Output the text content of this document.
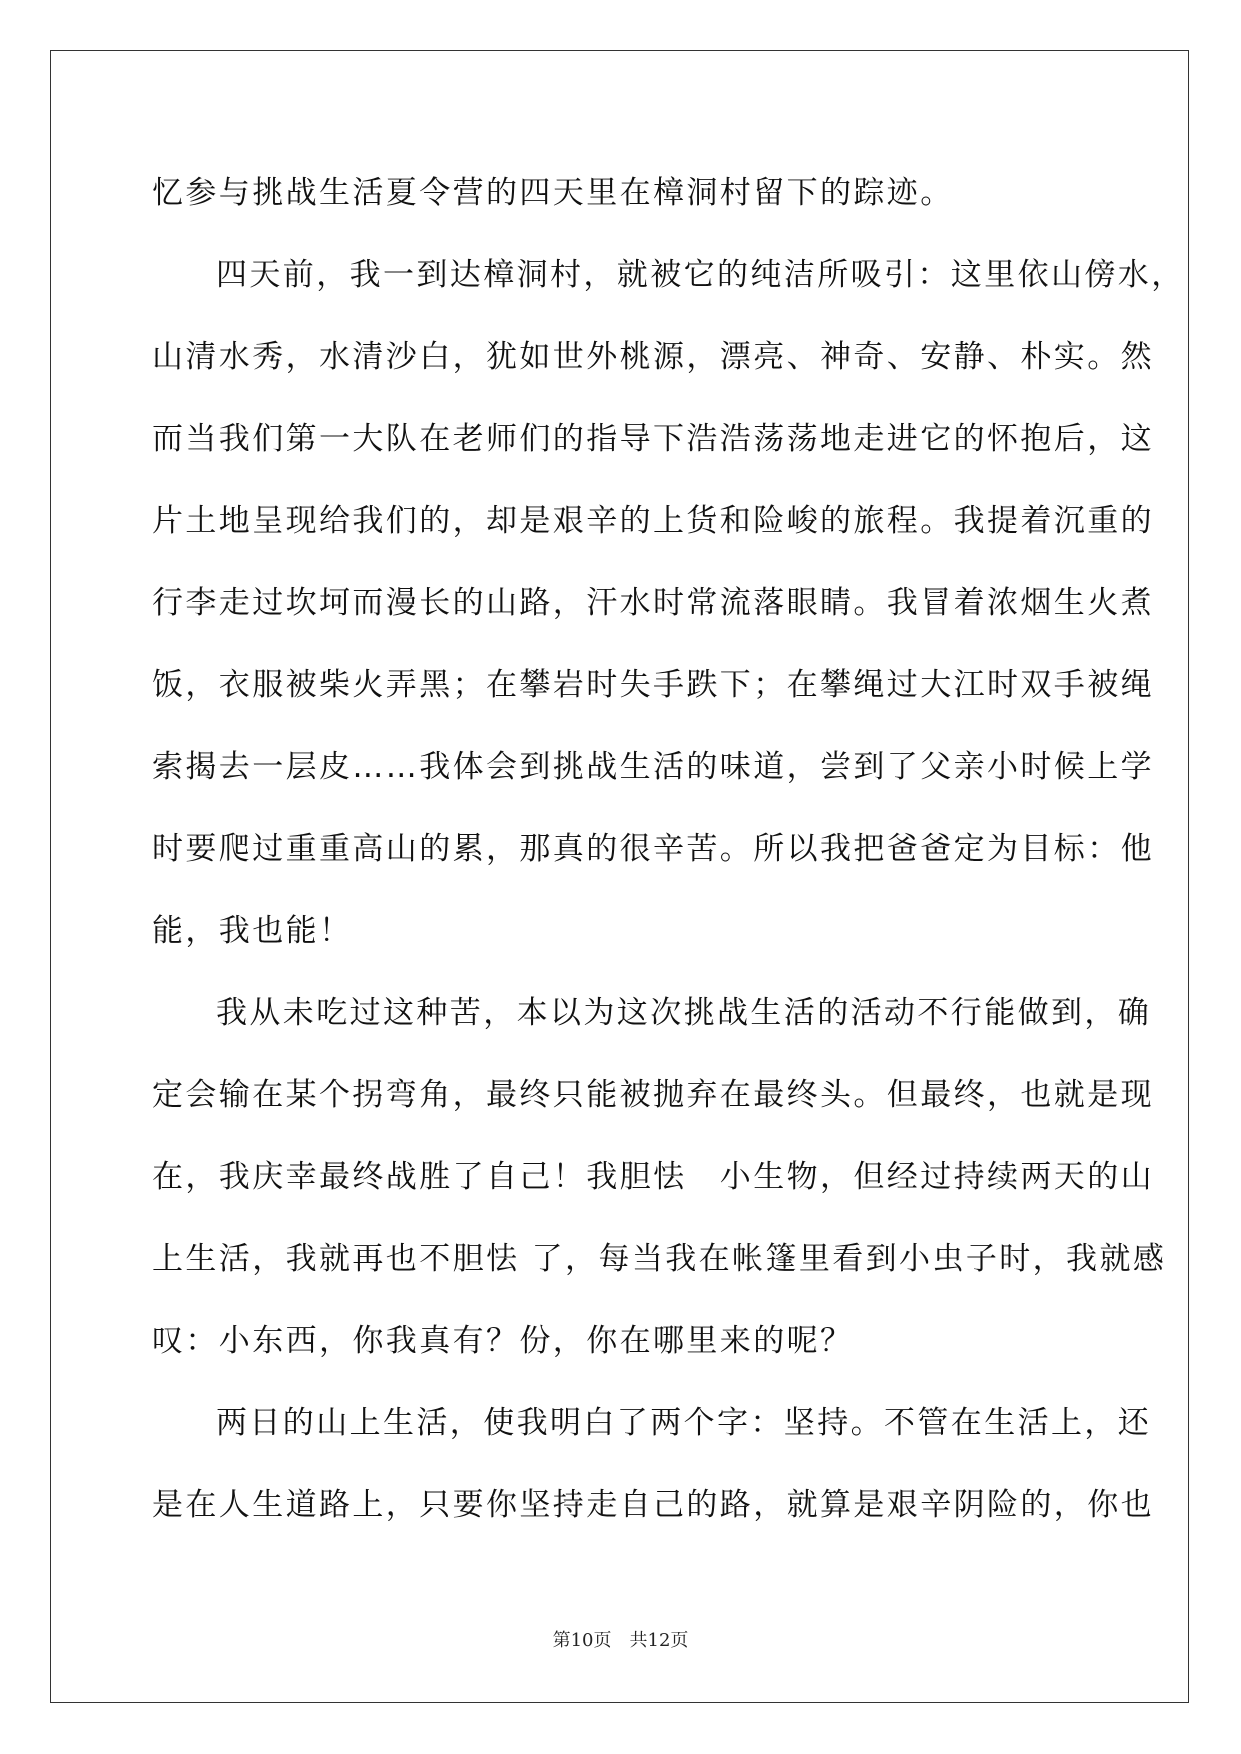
忆参与挑战生活夏令营的四天里在樟洞村留下的踪迹。
四天前，我一到达樟洞村，就被它的纯洁所吸引：这里依山傍水，
山清水秀，水清沙白，犹如世外桃源，漂亮、神奇、安静、朴实。然
而当我们第一大队在老师们的指导下浩浩荡荡地走进它的怀抱后，这
片土地呈现给我们的，却是艰辛的上货和险峻的旅程。我提着沉重的
行李走过坎坷而漫长的山路，汗水时常流落眼睛。我冒着浓烟生火煮
饭，衣服被柴火弄黑；在攀岩时失手跌下；在攀绳过大江时双手被绳
索揭去一层皮……我体会到挑战生活的味道，尝到了父亲小时候上学
时要爬过重重高山的累，那真的很辛苦。所以我把爸爸定为目标：他
能，我也能！
我从未吃过这种苦，本以为这次挑战生活的活动不行能做到，确
定会输在某个拐弯角，最终只能被抛弃在最终头。但最终，也就是现
在，我庆幸最终战胜了自己！我胆怯　小生物，但经过持续两天的山
上生活，我就再也不胆怯 了，每当我在帐篷里看到小虫子时，我就感
叹：小东西，你我真有？份，你在哪里来的呢？
两日的山上生活，使我明白了两个字：坚持。不管在生活上，还
是在人生道路上，只要你坚持走自己的路，就算是艰辛阴险的，你也
第10页　共12页
